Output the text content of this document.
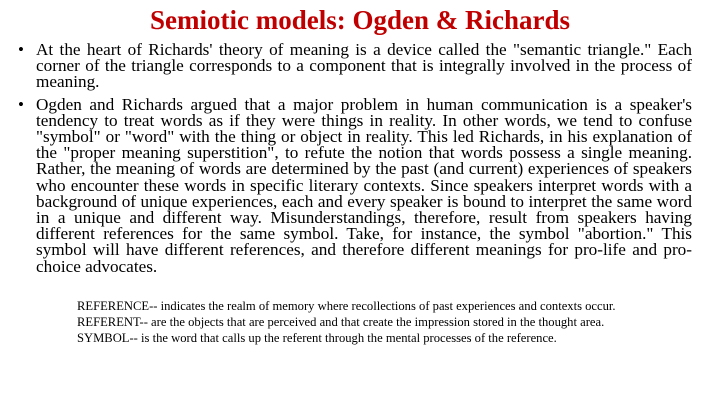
Semiotic models: Ogden & Richards
• At the heart of Richards' theory of meaning is a device called the "semantic triangle." Each corner of the triangle corresponds to a component that is integrally involved in the process of meaning.
• Ogden and Richards argued that a major problem in human communication is a speaker's tendency to treat words as if they were things in reality. In other words, we tend to confuse "symbol" or "word" with the thing or object in reality. This led Richards, in his explanation of the "proper meaning superstition", to refute the notion that words possess a single meaning. Rather, the meaning of words are determined by the past (and current) experiences of speakers who encounter these words in specific literary contexts. Since speakers interpret words with a background of unique experiences, each and every speaker is bound to interpret the same word in a unique and different way. Misunderstandings, therefore, result from speakers having different references for the same symbol. Take, for instance, the symbol "abortion." This symbol will have different references, and therefore different meanings for pro-life and pro-choice advocates.
REFERENCE-- indicates the realm of memory where recollections of past experiences and contexts occur.
REFERENT-- are the objects that are perceived and that create the impression stored in the thought area.
SYMBOL-- is the word that calls up the referent through the mental processes of the reference.
